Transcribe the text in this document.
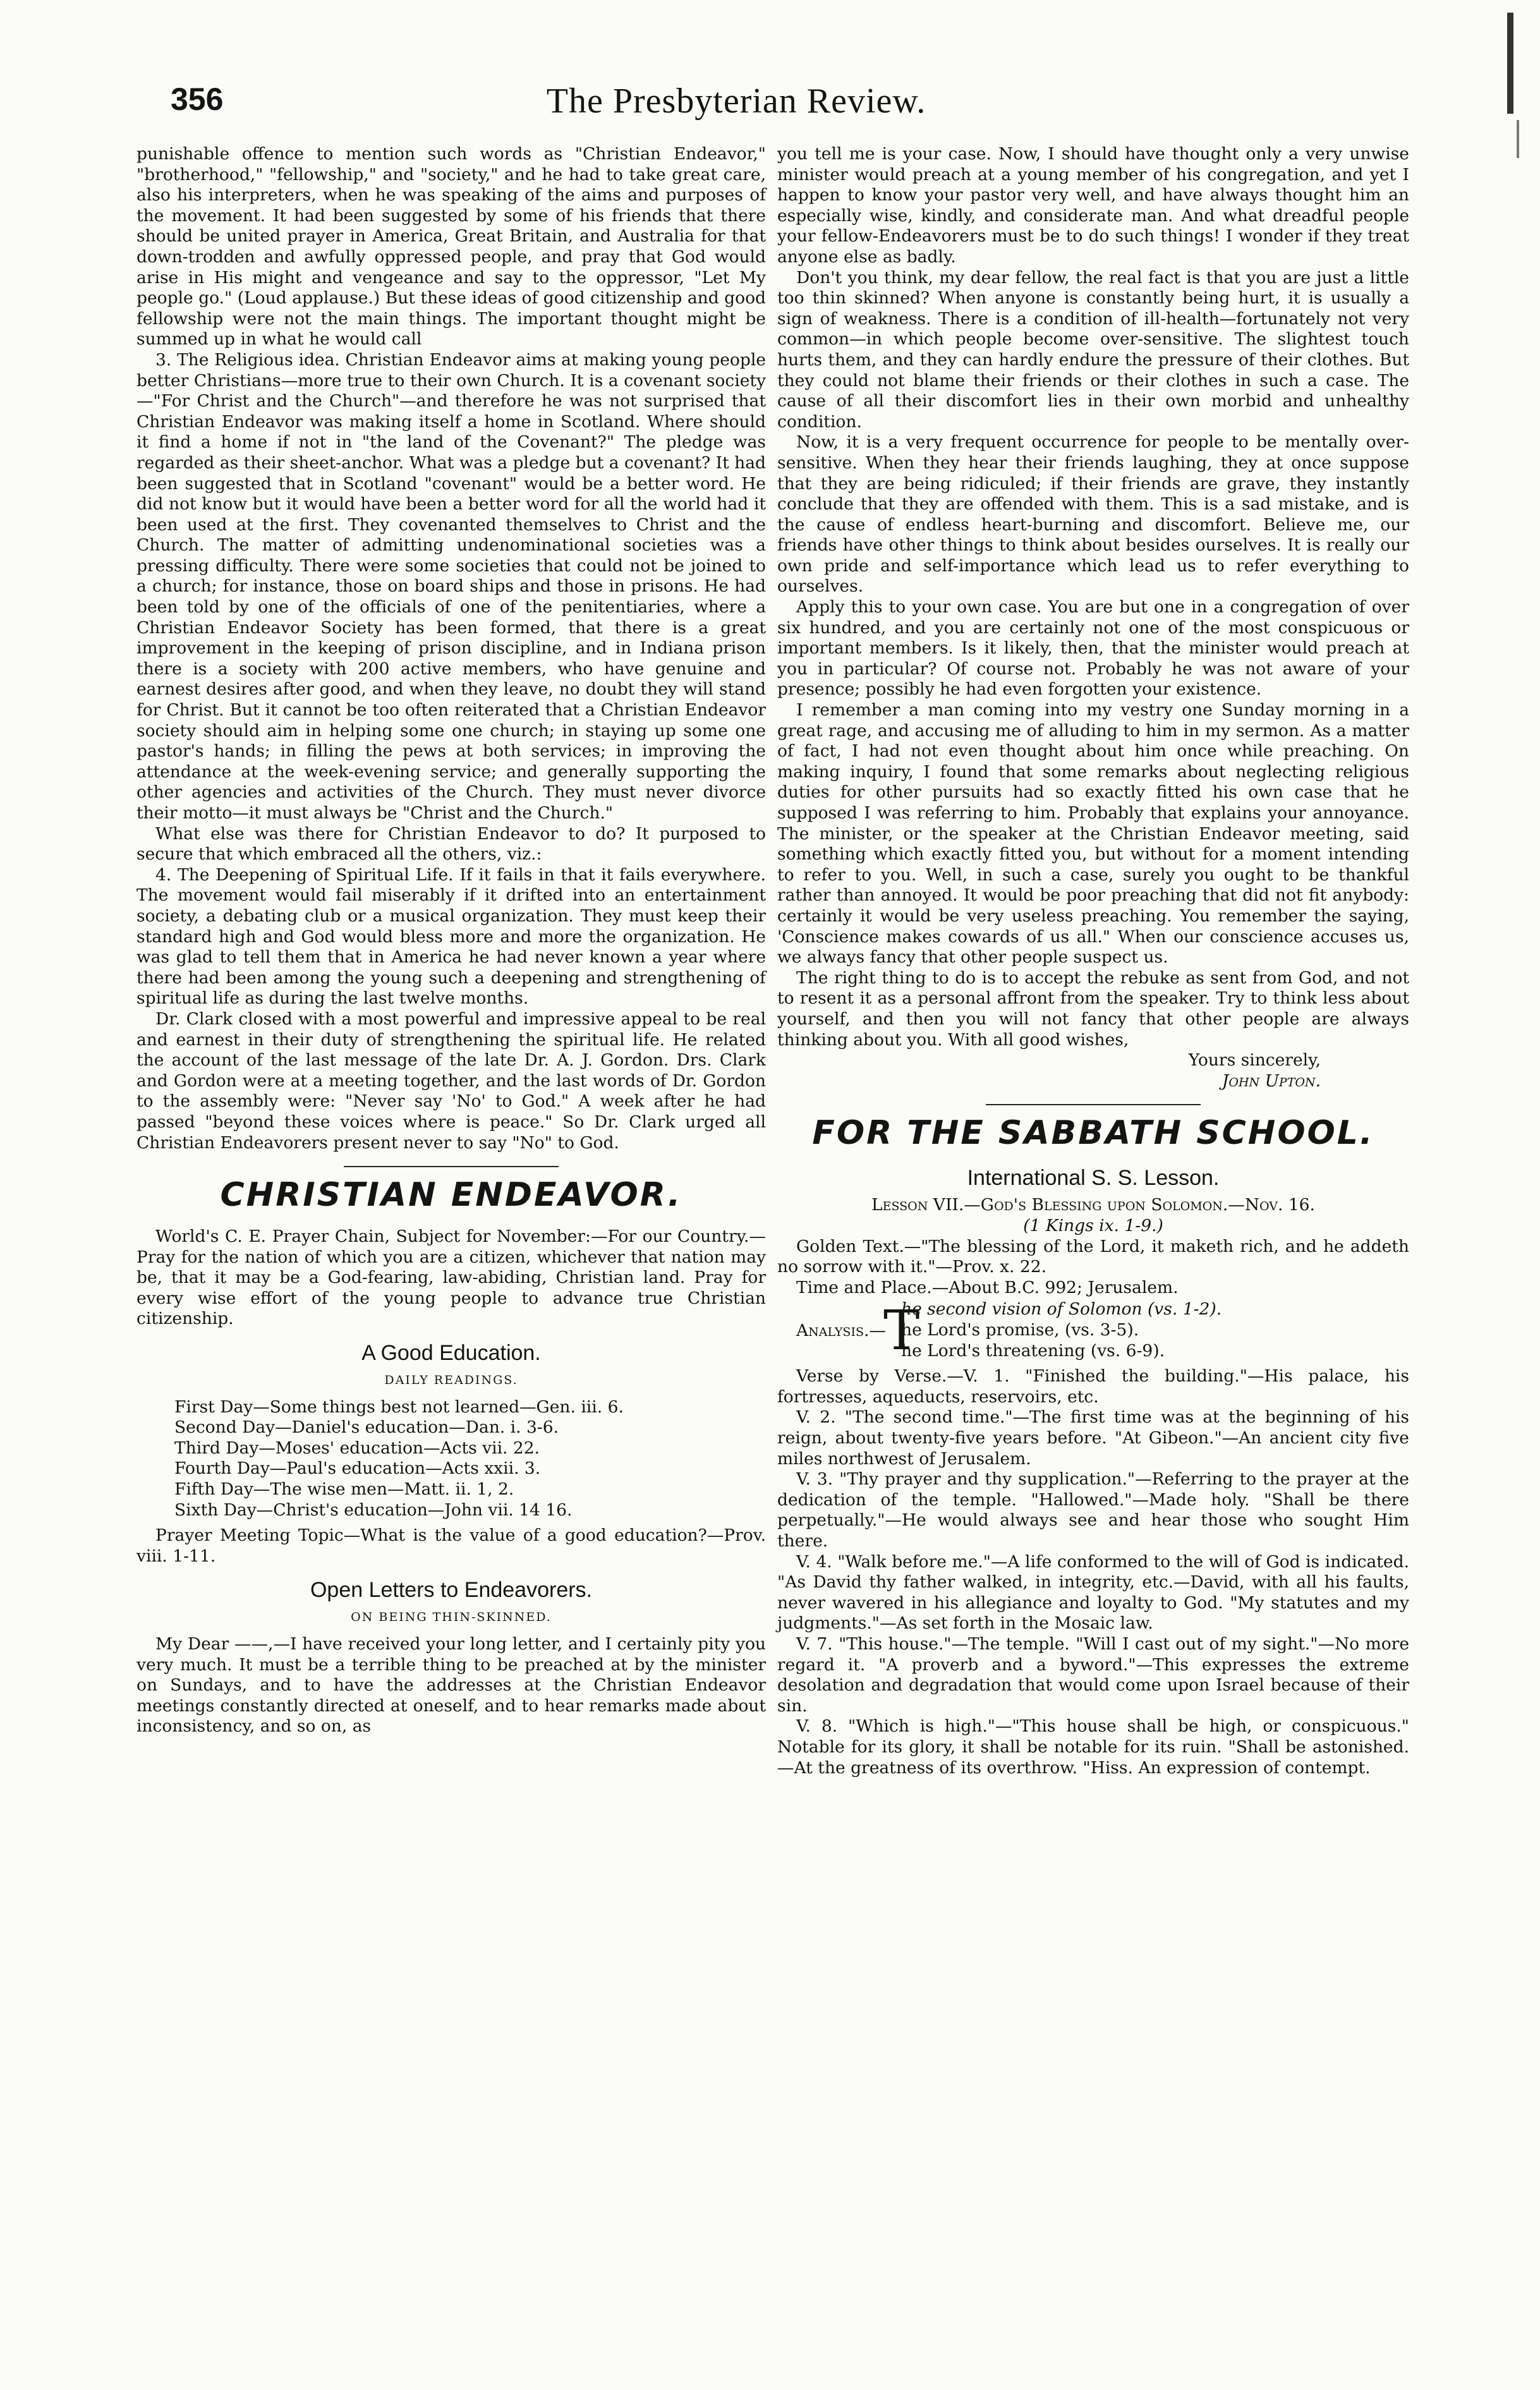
356	The Presbyterian Review.

punishable offence to mention such words as "Christian Endeavor," "brotherhood," "fellowship," and "society," and he had to take great care, also his interpreters, when he was speaking of the aims and purposes of the movement. It had been suggested by some of his friends that there should be united prayer in America, Great Britain, and Australia for that down-trodden and awfully oppressed people, and pray that God would arise in His might and vengeance and say to the oppressor, "Let My people go." (Loud applause.) But these ideas of good citizenship and good fellowship were not the main things. The important thought might be summed up in what he would call

3. The Religious idea. Christian Endeavor aims at making young people better Christians—more true to their own Church. It is a covenant society—"For Christ and the Church"—and therefore he was not surprised that Christian Endeavor was making itself a home in Scotland. Where should it find a home if not in "the land of the Covenant?" The pledge was regarded as their sheet-anchor. What was a pledge but a covenant? It had been suggested that in Scotland "covenant" would be a better word. He did not know but it would have been a better word for all the world had it been used at the first. They covenanted themselves to Christ and the Church. The matter of admitting undenominational societies was a pressing difficulty. There were some societies that could not be joined to a church; for instance, those on board ships and those in prisons. He had been told by one of the officials of one of the penitentiaries, where a Christian Endeavor Society has been formed, that there is a great improvement in the keeping of prison discipline, and in Indiana prison there is a society with 200 active members, who have genuine and earnest desires after good, and when they leave, no doubt they will stand for Christ. But it cannot be too often reiterated that a Christian Endeavor society should aim in helping some one church; in staying up some one pastor's hands; in filling the pews at both services; in improving the attendance at the week-evening service; and generally supporting the other agencies and activities of the Church. They must never divorce their motto—it must always be "Christ and the Church."

What else was there for Christian Endeavor to do? It purposed to secure that which embraced all the others, viz.:

4. The Deepening of Spiritual Life. If it fails in that it fails everywhere. The movement would fail miserably if it drifted into an entertainment society, a debating club or a musical organization. They must keep their standard high and God would bless more and more the organization. He was glad to tell them that in America he had never known a year where there had been among the young such a deepening and strengthening of spiritual life as during the last twelve months.

Dr. Clark closed with a most powerful and impressive appeal to be real and earnest in their duty of strengthening the spiritual life. He related the account of the last message of the late Dr. A. J. Gordon. Drs. Clark and Gordon were at a meeting together, and the last words of Dr. Gordon to the assembly were: "Never say 'No' to God." A week after he had passed "beyond these voices where is peace." So Dr. Clark urged all Christian Endeavorers present never to say "No" to God.

CHRISTIAN ENDEAVOR.

World's C. E. Prayer Chain, Subject for November:—For our Country.—Pray for the nation of which you are a citizen, whichever that nation may be, that it may be a God-fearing, law-abiding, Christian land. Pray for every wise effort of the young people to advance true Christian citizenship.

A Good Education.
DAILY READINGS.
First Day—Some things best not learned—Gen. iii. 6.
Second Day—Daniel's education—Dan. i. 3-6.
Third Day—Moses' education—Acts vii. 22.
Fourth Day—Paul's education—Acts xxii. 3.
Fifth Day—The wise men—Matt. ii. 1, 2.
Sixth Day—Christ's education—John vii. 14 16.

Prayer Meeting Topic—What is the value of a good education?—Prov. viii. 1-11.

Open Letters to Endeavorers.
ON BEING THIN-SKINNED.

My Dear ——,—I have received your long letter, and I certainly pity you very much. It must be a terrible thing to be preached at by the minister on Sundays, and to have the addresses at the Christian Endeavor meetings constantly directed at oneself, and to hear remarks made about inconsistency, and so on, as

you tell me is your case. Now, I should have thought only a very unwise minister would preach at a young member of his congregation, and yet I happen to know your pastor very well, and have always thought him an especially wise, kindly, and considerate man. And what dreadful people your fellow-Endeavorers must be to do such things! I wonder if they treat anyone else as badly.

Don't you think, my dear fellow, the real fact is that you are just a little too thin skinned? When anyone is constantly being hurt, it is usually a sign of weakness. There is a condition of ill-health—fortunately not very common—in which people become over-sensitive. The slightest touch hurts them, and they can hardly endure the pressure of their clothes. But they could not blame their friends or their clothes in such a case. The cause of all their discomfort lies in their own morbid and unhealthy condition.

Now, it is a very frequent occurrence for people to be mentally over-sensitive. When they hear their friends laughing, they at once suppose that they are being ridiculed; if their friends are grave, they instantly conclude that they are offended with them. This is a sad mistake, and is the cause of endless heart-burning and discomfort. Believe me, our friends have other things to think about besides ourselves. It is really our own pride and self-importance which lead us to refer everything to ourselves.

Apply this to your own case. You are but one in a congregation of over six hundred, and you are certainly not one of the most conspicuous or important members. Is it likely, then, that the minister would preach at you in particular? Of course not. Probably he was not aware of your presence; possibly he had even forgotten your existence.

I remember a man coming into my vestry one Sunday morning in a great rage, and accusing me of alluding to him in my sermon. As a matter of fact, I had not even thought about him once while preaching. On making inquiry, I found that some remarks about neglecting religious duties for other pursuits had so exactly fitted his own case that he supposed I was referring to him. Probably that explains your annoyance. The minister, or the speaker at the Christian Endeavor meeting, said something which exactly fitted you, but without for a moment intending to refer to you. Well, in such a case, surely you ought to be thankful rather than annoyed. It would be poor preaching that did not fit anybody: certainly it would be very useless preaching. You remember the saying, 'Conscience makes cowards of us all." When our conscience accuses us, we always fancy that other people suspect us.

The right thing to do is to accept the rebuke as sent from God, and not to resent it as a personal affront from the speaker. Try to think less about yourself, and then you will not fancy that other people are always thinking about you. With all good wishes,

Yours sincerely,
John Upton.
FOR THE SABBATH SCHOOL.
International S. S. Lesson.
Lesson VII.—God's Blessing upon Solomon.—Nov. 16.
(1 Kings ix. 1-9.)

Golden Text.—"The blessing of the Lord, it maketh rich, and he addeth no sorrow with it."—Prov. x. 22.

Time and Place.—About B.C. 992; Jerusalem.

Analysis.—
T
he second vision of Solomon (vs. 1-2).
he Lord's promise, (vs. 3-5).
he Lord's threatening (vs. 6-9).

Verse by Verse.—V. 1. "Finished the building."—His palace, his fortresses, aqueducts, reservoirs, etc.

V. 2. "The second time."—The first time was at the beginning of his reign, about twenty-five years before. "At Gibeon."—An ancient city five miles northwest of Jerusalem.

V. 3. "Thy prayer and thy supplication."—Referring to the prayer at the dedication of the temple. "Hallowed."—Made holy. "Shall be there perpetually."—He would always see and hear those who sought Him there.

V. 4. "Walk before me."—A life conformed to the will of God is indicated. "As David thy father walked, in integrity, etc.—David, with all his faults, never wavered in his allegiance and loyalty to God. "My statutes and my judgments."—As set forth in the Mosaic law.

V. 7. "This house."—The temple. "Will I cast out of my sight."—No more regard it. "A proverb and a byword."—This expresses the extreme desolation and degradation that would come upon Israel because of their sin.

V. 8. "Which is high."—"This house shall be high, or conspicuous." Notable for its glory, it shall be notable for its ruin. "Shall be astonished.—At the greatness of its overthrow. "Hiss. An expression of contempt.
